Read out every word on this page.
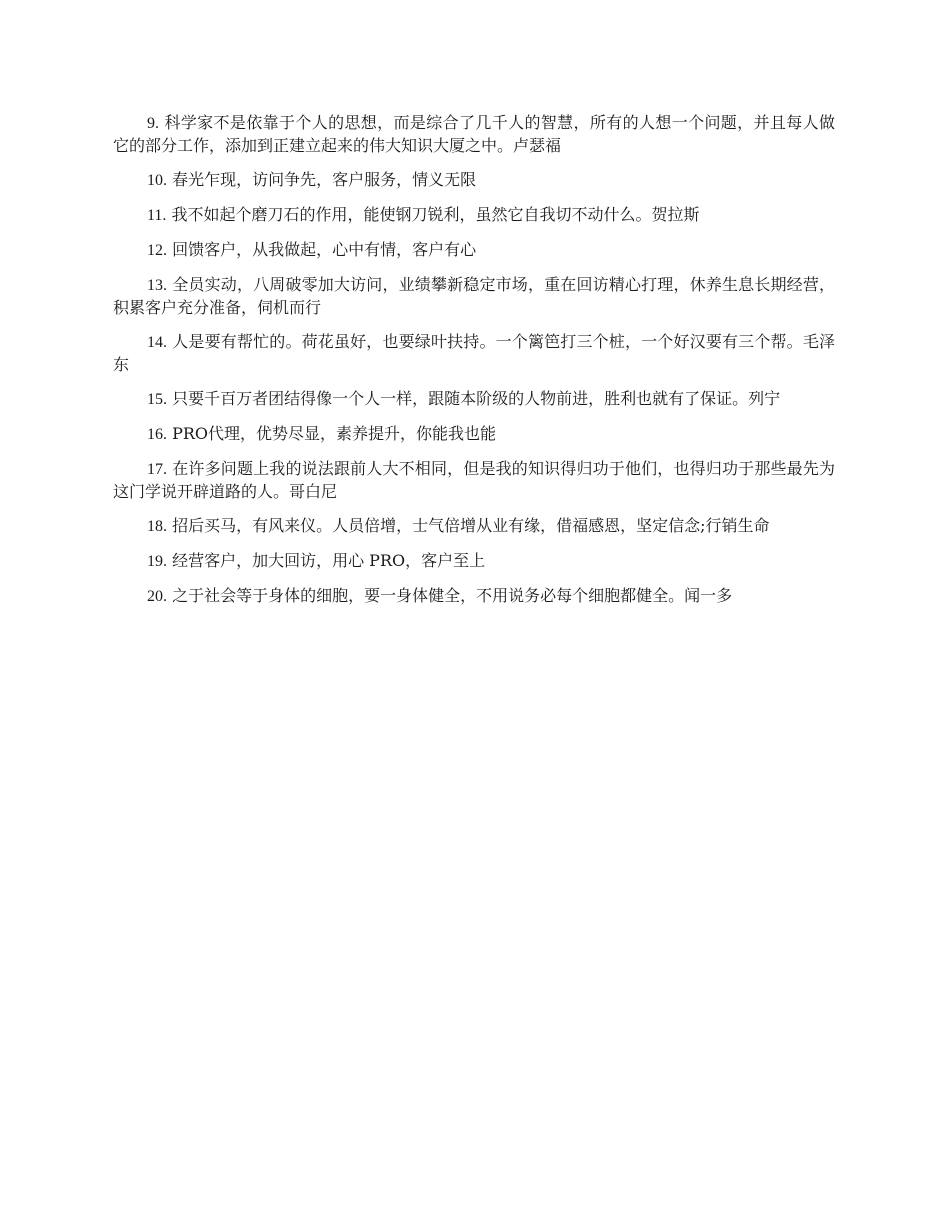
9. 科学家不是依靠于个人的思想，而是综合了几千人的智慧，所有的人想一个问题，并且每人做它的部分工作，添加到正建立起来的伟大知识大厦之中。卢瑟福

10. 春光乍现，访问争先，客户服务，情义无限

11. 我不如起个磨刀石的作用，能使钢刀锐利，虽然它自我切不动什么。贺拉斯

12. 回馈客户，从我做起，心中有情，客户有心

13. 全员实动，八周破零加大访问，业绩攀新稳定市场，重在回访精心打理，休养生息长期经营，积累客户充分准备，伺机而行

14. 人是要有帮忙的。荷花虽好，也要绿叶扶持。一个篱笆打三个桩，一个好汉要有三个帮。毛泽东

15. 只要千百万者团结得像一个人一样，跟随本阶级的人物前进，胜利也就有了保证。列宁

16. PRO代理，优势尽显，素养提升，你能我也能

17. 在许多问题上我的说法跟前人大不相同，但是我的知识得归功于他们，也得归功于那些最先为这门学说开辟道路的人。哥白尼

18. 招后买马，有风来仪。人员倍增，士气倍增从业有缘，借福感恩，坚定信念;行销生命

19. 经营客户，加大回访，用心 PRO，客户至上

20. 之于社会等于身体的细胞，要一身体健全，不用说务必每个细胞都健全。闻一多
